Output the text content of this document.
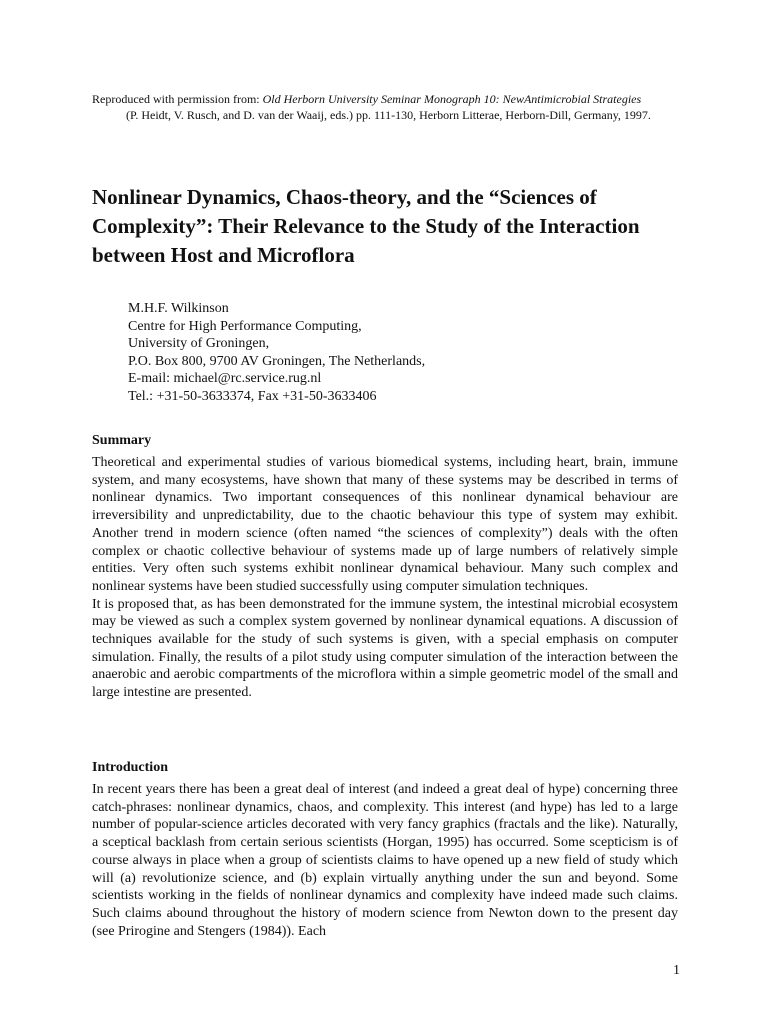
Reproduced with permission from: Old Herborn University Seminar Monograph 10: NewAntimicrobial Strategies
(P. Heidt, V. Rusch, and D. van der Waaij, eds.) pp. 111-130, Herborn Litterae, Herborn-Dill, Germany, 1997.
Nonlinear Dynamics, Chaos-theory, and the “Sciences of Complexity”: Their Relevance to the Study of the Interaction between Host and Microflora
M.H.F. Wilkinson
Centre for High Performance Computing,
University of Groningen,
P.O. Box 800, 9700 AV Groningen, The Netherlands,
E-mail: michael@rc.service.rug.nl
Tel.: +31-50-3633374, Fax +31-50-3633406
Summary

Theoretical and experimental studies of various biomedical systems, including heart, brain, immune system, and many ecosystems, have shown that many of these systems may be described in terms of nonlinear dynamics. Two important consequences of this nonlinear dynamical behaviour are irreversibility and unpredictability, due to the chaotic behaviour this type of system may exhibit. Another trend in modern science (often named “the sciences of complexity”) deals with the often complex or chaotic collective behaviour of systems made up of large numbers of relatively simple entities. Very often such systems exhibit nonlinear dynamical behaviour. Many such complex and nonlinear systems have been studied successfully using computer simulation techniques.

It is proposed that, as has been demonstrated for the immune system, the intestinal microbial ecosystem may be viewed as such a complex system governed by nonlinear dynamical equations. A discussion of techniques available for the study of such systems is given, with a special emphasis on computer simulation. Finally, the results of a pilot study using computer simulation of the interaction between the anaerobic and aerobic compartments of the microflora within a simple geometric model of the small and large intestine are presented.

Introduction

In recent years there has been a great deal of interest (and indeed a great deal of hype) concerning three catch-phrases: nonlinear dynamics, chaos, and complexity. This interest (and hype) has led to a large number of popular-science articles decorated with very fancy graphics (fractals and the like). Naturally, a sceptical backlash from certain serious scientists (Horgan, 1995) has occurred. Some scepticism is of course always in place when a group of scientists claims to have opened up a new field of study which will (a) revolutionize science, and (b) explain virtually anything under the sun and beyond. Some scientists working in the fields of nonlinear dynamics and complexity have indeed made such claims. Such claims abound throughout the history of modern science from Newton down to the present day (see Prirogine and Stengers (1984)). Each

1
